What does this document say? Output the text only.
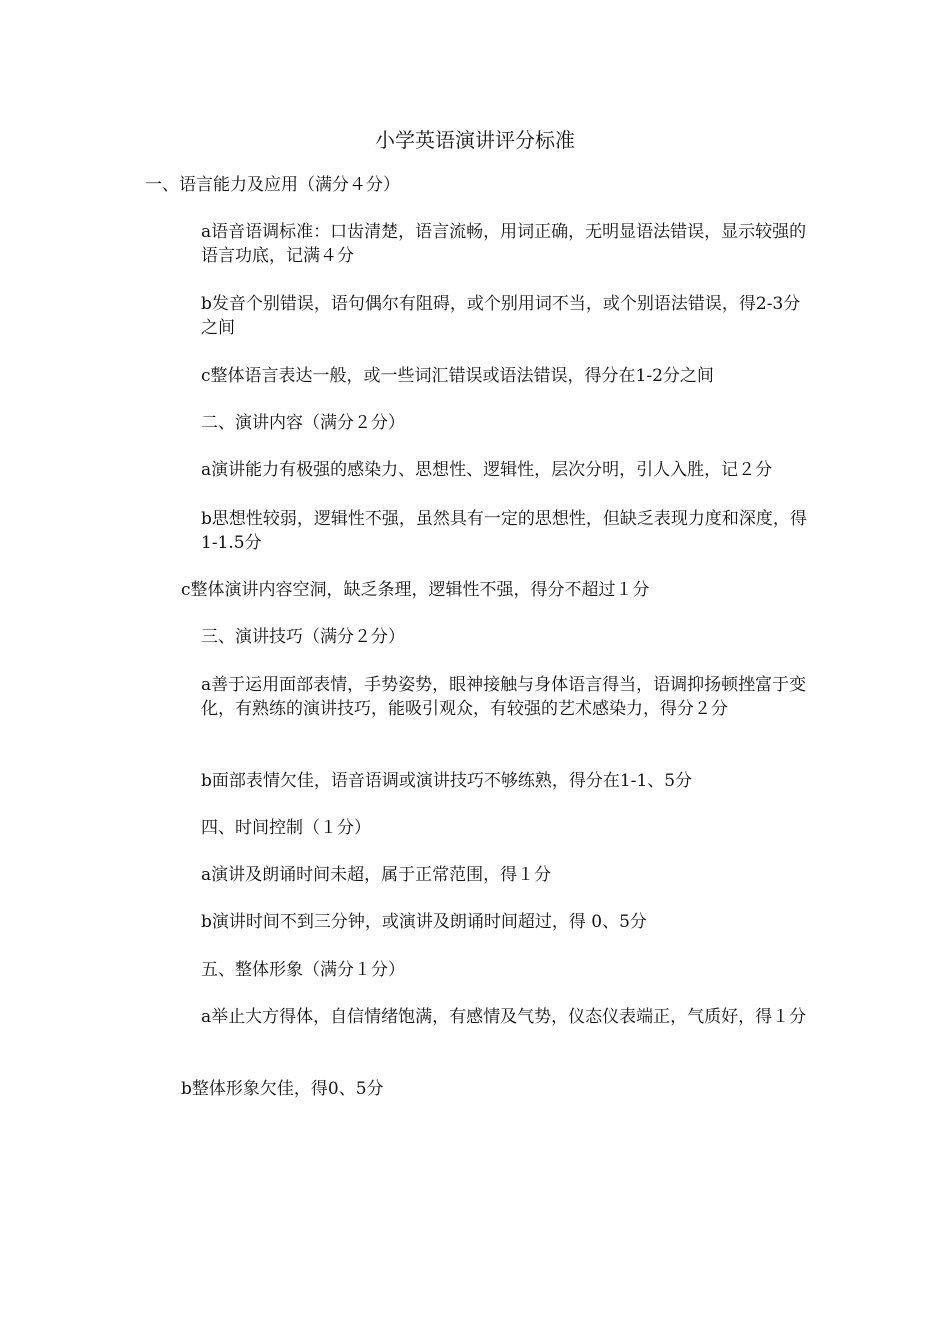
小学英语演讲评分标准

一、语言能力及应用（满分４分）

a语音语调标准：口齿清楚，语言流畅，用词正确，无明显语法错误，显示较强的语言功底，记满４分

b发音个别错误，语句偶尔有阻碍，或个别用词不当，或个别语法错误，得2-3分之间

c整体语言表达一般，或一些词汇错误或语法错误，得分在1-2分之间

二、演讲内容（满分２分）

a演讲能力有极强的感染力、思想性、逻辑性，层次分明，引人入胜，记２分

b思想性较弱，逻辑性不强，虽然具有一定的思想性，但缺乏表现力度和深度，得1-1.5分

c整体演讲内容空洞，缺乏条理，逻辑性不强，得分不超过１分

三、演讲技巧（满分２分）

a善于运用面部表情，手势姿势，眼神接触与身体语言得当，语调抑扬顿挫富于变化，有熟练的演讲技巧，能吸引观众，有较强的艺术感染力，得分２分

b面部表情欠佳，语音语调或演讲技巧不够练熟，得分在1-1、5分

四、时间控制（１分）

a演讲及朗诵时间未超，属于正常范围，得１分

b演讲时间不到三分钟，或演讲及朗诵时间超过，得 0、5分

五、整体形象（满分１分）

a举止大方得体，自信情绪饱满，有感情及气势，仪态仪表端正，气质好，得１分

b整体形象欠佳，得0、5分
